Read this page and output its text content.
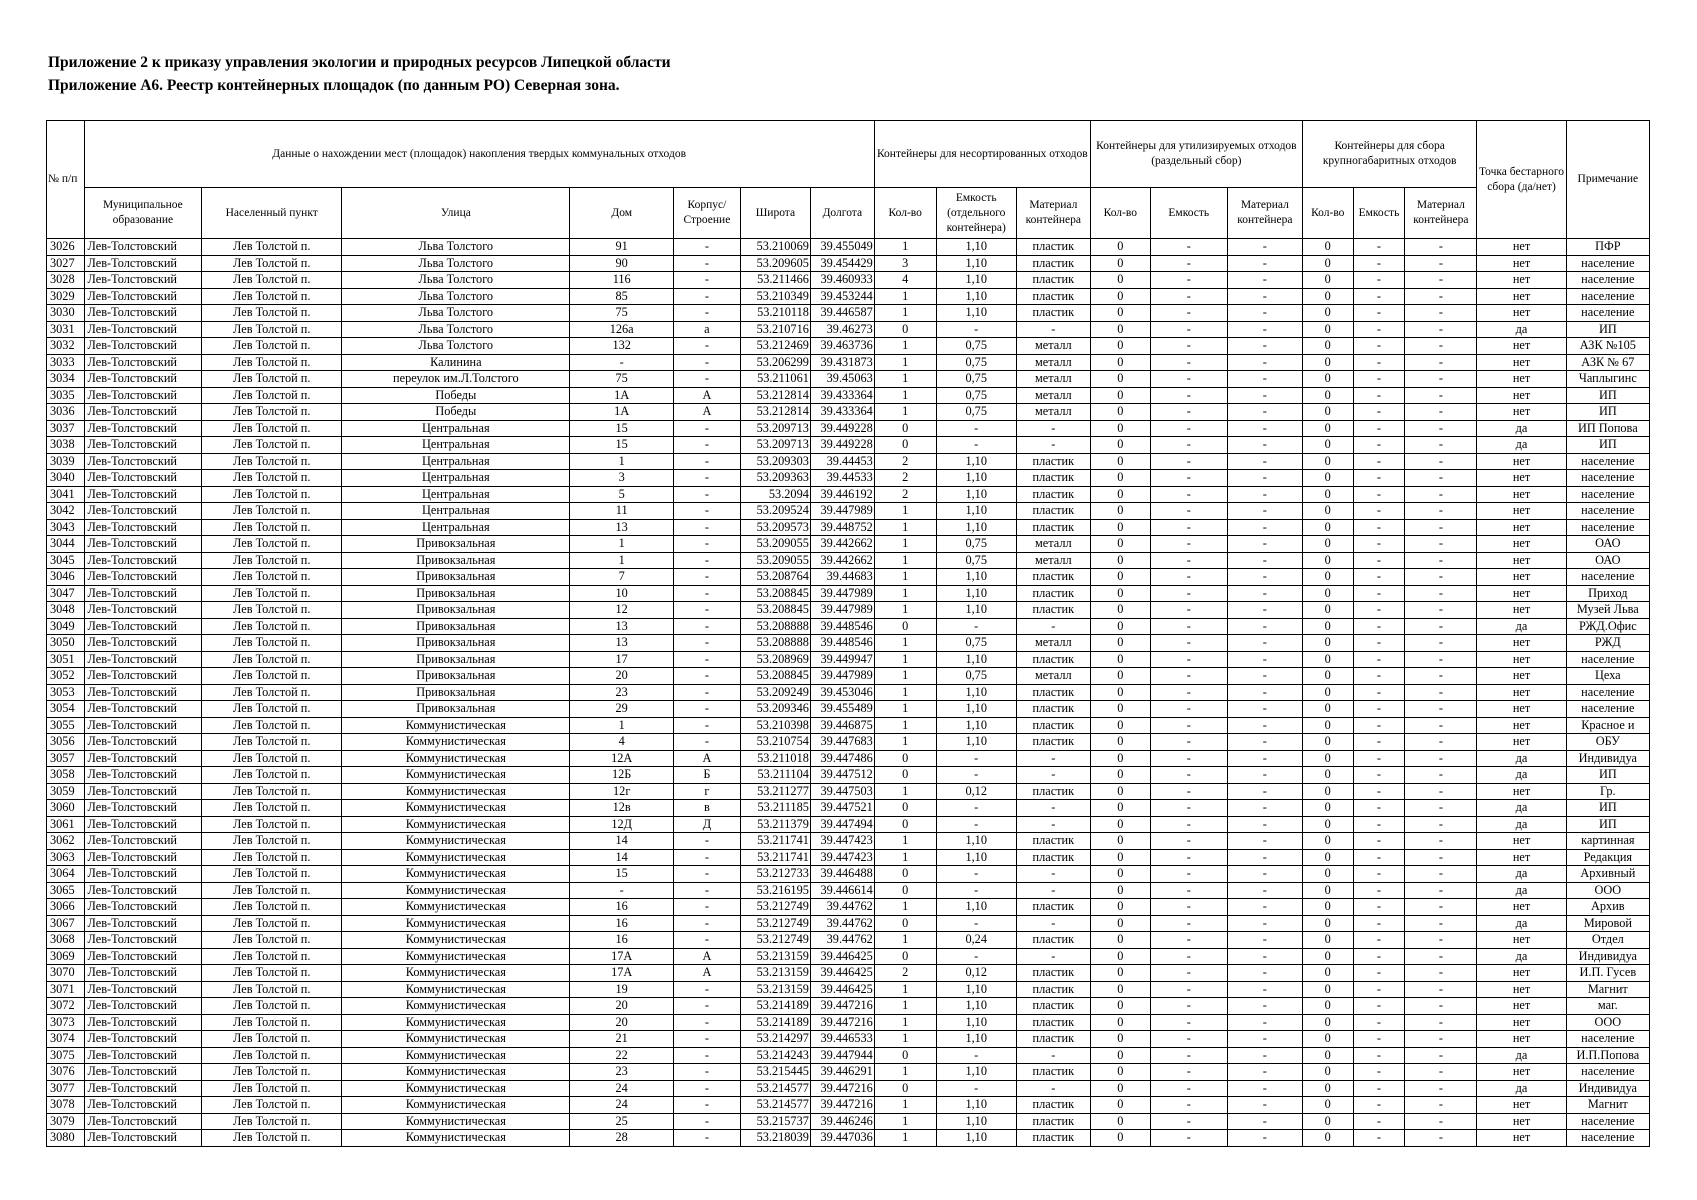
Приложение 2 к приказу управления экологии и природных ресурсов Липецкой области
Приложение А6. Реестр контейнерных площадок (по данным РО) Северная зона.
№ п/п	Данные о нахождении мест (площадок) накопления твердых коммунальных отходов							Контейнеры для несортированных отходов			Контейнеры для утилизируемых отходов (раздельный сбор)			Контейнеры для сбора крупногабаритных отходов			Точка бестарного сбора (да/нет)	Примечание
	Муниципальное образование	Населенный пункт	Улица	Дом	Корпус/ Строение	Широта	Долгота	Кол-во	Емкость (отдельного контейнера)	Материал контейнера	Кол-во	Емкость	Материал контейнера	Кол-во	Емкость	Материал контейнера		
3026	Лев-Толстовский	Лев Толстой п.	Льва Толстого	91	-	53.210069	39.455049	1	1,10	пластик	0	-	-	0	-	-	нет	ПФР
3027	Лев-Толстовский	Лев Толстой п.	Льва Толстого	90	-	53.209605	39.454429	3	1,10	пластик	0	-	-	0	-	-	нет	население
3028	Лев-Толстовский	Лев Толстой п.	Льва Толстого	116	-	53.211466	39.460933	4	1,10	пластик	0	-	-	0	-	-	нет	население
3029	Лев-Толстовский	Лев Толстой п.	Льва Толстого	85	-	53.210349	39.453244	1	1,10	пластик	0	-	-	0	-	-	нет	население
3030	Лев-Толстовский	Лев Толстой п.	Льва Толстого	75	-	53.210118	39.446587	1	1,10	пластик	0	-	-	0	-	-	нет	население
3031	Лев-Толстовский	Лев Толстой п.	Льва Толстого	126а	а	53.210716	39.46273	0	-	-	0	-	-	0	-	-	да	ИП
3032	Лев-Толстовский	Лев Толстой п.	Льва Толстого	132	-	53.212469	39.463736	1	0,75	металл	0	-	-	0	-	-	нет	АЗК №105
3033	Лев-Толстовский	Лев Толстой п.	Калинина	-	-	53.206299	39.431873	1	0,75	металл	0	-	-	0	-	-	нет	АЗК № 67
3034	Лев-Толстовский	Лев Толстой п.	переулок им.Л.Толстого	75	-	53.211061	39.45063	1	0,75	металл	0	-	-	0	-	-	нет	Чаплыгинс
3035	Лев-Толстовский	Лев Толстой п.	Победы	1А	А	53.212814	39.433364	1	0,75	металл	0	-	-	0	-	-	нет	ИП
3036	Лев-Толстовский	Лев Толстой п.	Победы	1А	А	53.212814	39.433364	1	0,75	металл	0	-	-	0	-	-	нет	ИП
3037	Лев-Толстовский	Лев Толстой п.	Центральная	15	-	53.209713	39.449228	0	-	-	0	-	-	0	-	-	да	ИП Попова
3038	Лев-Толстовский	Лев Толстой п.	Центральная	15	-	53.209713	39.449228	0	-	-	0	-	-	0	-	-	да	ИП
3039	Лев-Толстовский	Лев Толстой п.	Центральная	1	-	53.209303	39.44453	2	1,10	пластик	0	-	-	0	-	-	нет	население
3040	Лев-Толстовский	Лев Толстой п.	Центральная	3	-	53.209363	39.44533	2	1,10	пластик	0	-	-	0	-	-	нет	население
3041	Лев-Толстовский	Лев Толстой п.	Центральная	5	-	53.2094	39.446192	2	1,10	пластик	0	-	-	0	-	-	нет	население
3042	Лев-Толстовский	Лев Толстой п.	Центральная	11	-	53.209524	39.447989	1	1,10	пластик	0	-	-	0	-	-	нет	население
3043	Лев-Толстовский	Лев Толстой п.	Центральная	13	-	53.209573	39.448752	1	1,10	пластик	0	-	-	0	-	-	нет	население
3044	Лев-Толстовский	Лев Толстой п.	Привокзальная	1	-	53.209055	39.442662	1	0,75	металл	0	-	-	0	-	-	нет	ОАО
3045	Лев-Толстовский	Лев Толстой п.	Привокзальная	1	-	53.209055	39.442662	1	0,75	металл	0	-	-	0	-	-	нет	ОАО
3046	Лев-Толстовский	Лев Толстой п.	Привокзальная	7	-	53.208764	39.44683	1	1,10	пластик	0	-	-	0	-	-	нет	население
3047	Лев-Толстовский	Лев Толстой п.	Привокзальная	10	-	53.208845	39.447989	1	1,10	пластик	0	-	-	0	-	-	нет	Приход
3048	Лев-Толстовский	Лев Толстой п.	Привокзальная	12	-	53.208845	39.447989	1	1,10	пластик	0	-	-	0	-	-	нет	Музей Льва
3049	Лев-Толстовский	Лев Толстой п.	Привокзальная	13	-	53.208888	39.448546	0	-	-	0	-	-	0	-	-	да	РЖД.Офис
3050	Лев-Толстовский	Лев Толстой п.	Привокзальная	13	-	53.208888	39.448546	1	0,75	металл	0	-	-	0	-	-	нет	РЖД
3051	Лев-Толстовский	Лев Толстой п.	Привокзальная	17	-	53.208969	39.449947	1	1,10	пластик	0	-	-	0	-	-	нет	население
3052	Лев-Толстовский	Лев Толстой п.	Привокзальная	20	-	53.208845	39.447989	1	0,75	металл	0	-	-	0	-	-	нет	Цеха
3053	Лев-Толстовский	Лев Толстой п.	Привокзальная	23	-	53.209249	39.453046	1	1,10	пластик	0	-	-	0	-	-	нет	население
3054	Лев-Толстовский	Лев Толстой п.	Привокзальная	29	-	53.209346	39.455489	1	1,10	пластик	0	-	-	0	-	-	нет	население
3055	Лев-Толстовский	Лев Толстой п.	Коммунистическая	1	-	53.210398	39.446875	1	1,10	пластик	0	-	-	0	-	-	нет	Красное и
3056	Лев-Толстовский	Лев Толстой п.	Коммунистическая	4	-	53.210754	39.447683	1	1,10	пластик	0	-	-	0	-	-	нет	ОБУ
3057	Лев-Толстовский	Лев Толстой п.	Коммунистическая	12А	А	53.211018	39.447486	0	-	-	0	-	-	0	-	-	да	Индивидуа
3058	Лев-Толстовский	Лев Толстой п.	Коммунистическая	12Б	Б	53.211104	39.447512	0	-	-	0	-	-	0	-	-	да	ИП
3059	Лев-Толстовский	Лев Толстой п.	Коммунистическая	12г	г	53.211277	39.447503	1	0,12	пластик	0	-	-	0	-	-	нет	Гр.
3060	Лев-Толстовский	Лев Толстой п.	Коммунистическая	12в	в	53.211185	39.447521	0	-	-	0	-	-	0	-	-	да	ИП
3061	Лев-Толстовский	Лев Толстой п.	Коммунистическая	12Д	Д	53.211379	39.447494	0	-	-	0	-	-	0	-	-	да	ИП
3062	Лев-Толстовский	Лев Толстой п.	Коммунистическая	14	-	53.211741	39.447423	1	1,10	пластик	0	-	-	0	-	-	нет	картинная
3063	Лев-Толстовский	Лев Толстой п.	Коммунистическая	14	-	53.211741	39.447423	1	1,10	пластик	0	-	-	0	-	-	нет	Редакция
3064	Лев-Толстовский	Лев Толстой п.	Коммунистическая	15	-	53.212733	39.446488	0	-	-	0	-	-	0	-	-	да	Архивный
3065	Лев-Толстовский	Лев Толстой п.	Коммунистическая	-	-	53.216195	39.446614	0	-	-	0	-	-	0	-	-	да	ООО
3066	Лев-Толстовский	Лев Толстой п.	Коммунистическая	16	-	53.212749	39.44762	1	1,10	пластик	0	-	-	0	-	-	нет	Архив
3067	Лев-Толстовский	Лев Толстой п.	Коммунистическая	16	-	53.212749	39.44762	0	-	-	0	-	-	0	-	-	да	Мировой
3068	Лев-Толстовский	Лев Толстой п.	Коммунистическая	16	-	53.212749	39.44762	1	0,24	пластик	0	-	-	0	-	-	нет	Отдел
3069	Лев-Толстовский	Лев Толстой п.	Коммунистическая	17А	А	53.213159	39.446425	0	-	-	0	-	-	0	-	-	да	Индивидуа
3070	Лев-Толстовский	Лев Толстой п.	Коммунистическая	17А	А	53.213159	39.446425	2	0,12	пластик	0	-	-	0	-	-	нет	И.П. Гусев
3071	Лев-Толстовский	Лев Толстой п.	Коммунистическая	19	-	53.213159	39.446425	1	1,10	пластик	0	-	-	0	-	-	нет	Магнит
3072	Лев-Толстовский	Лев Толстой п.	Коммунистическая	20	-	53.214189	39.447216	1	1,10	пластик	0	-	-	0	-	-	нет	маг.
3073	Лев-Толстовский	Лев Толстой п.	Коммунистическая	20	-	53.214189	39.447216	1	1,10	пластик	0	-	-	0	-	-	нет	ООО
3074	Лев-Толстовский	Лев Толстой п.	Коммунистическая	21	-	53.214297	39.446533	1	1,10	пластик	0	-	-	0	-	-	нет	население
3075	Лев-Толстовский	Лев Толстой п.	Коммунистическая	22	-	53.214243	39.447944	0	-	-	0	-	-	0	-	-	да	И.П.Попова
3076	Лев-Толстовский	Лев Толстой п.	Коммунистическая	23	-	53.215445	39.446291	1	1,10	пластик	0	-	-	0	-	-	нет	население
3077	Лев-Толстовский	Лев Толстой п.	Коммунистическая	24	-	53.214577	39.447216	0	-	-	0	-	-	0	-	-	да	Индивидуа
3078	Лев-Толстовский	Лев Толстой п.	Коммунистическая	24	-	53.214577	39.447216	1	1,10	пластик	0	-	-	0	-	-	нет	Магнит
3079	Лев-Толстовский	Лев Толстой п.	Коммунистическая	25	-	53.215737	39.446246	1	1,10	пластик	0	-	-	0	-	-	нет	население
3080	Лев-Толстовский	Лев Толстой п.	Коммунистическая	28	-	53.218039	39.447036	1	1,10	пластик	0	-	-	0	-	-	нет	население
